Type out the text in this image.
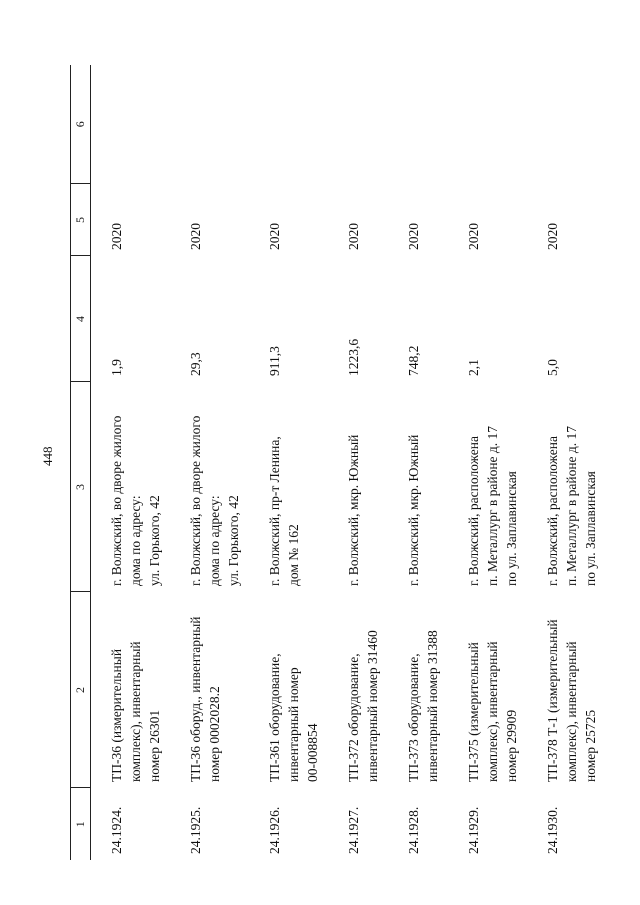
448
1	2	3	4	5	6
24.1924.	ТП-36 (измерительный
комплекс), инвентарный
номер 26301	г. Волжский, во дворе жилого
дома по адресу:
ул. Горького, 42	1,9	2020	
24.1925.	ТП-36 оборуд., инвентарный
номер 0002028.2	г. Волжский, во дворе жилого
дома по адресу:
ул. Горького, 42	29,3	2020	
24.1926.	ТП-361 оборудование,
инвентарный номер
00-008854	г. Волжский, пр-т Ленина,
дом № 162	911,3	2020	
24.1927.	ТП-372 оборудование,
инвентарный номер 31460	г. Волжский, мкр. Южный	1223,6	2020	
24.1928.	ТП-373 оборудование,
инвентарный номер 31388	г. Волжский, мкр. Южный	748,2	2020	
24.1929.	ТП-375 (измерительный
комплекс), инвентарный
номер 29909	г. Волжский, расположена
п. Металлург в районе д. 17
по ул. Заплавинская	2,1	2020	
24.1930.	ТП-378 Т-1 (измерительный
комплекс), инвентарный
номер 25725	г. Волжский, расположена
п. Металлург в районе д. 17
по ул. Заплавинская	5,0	2020	
